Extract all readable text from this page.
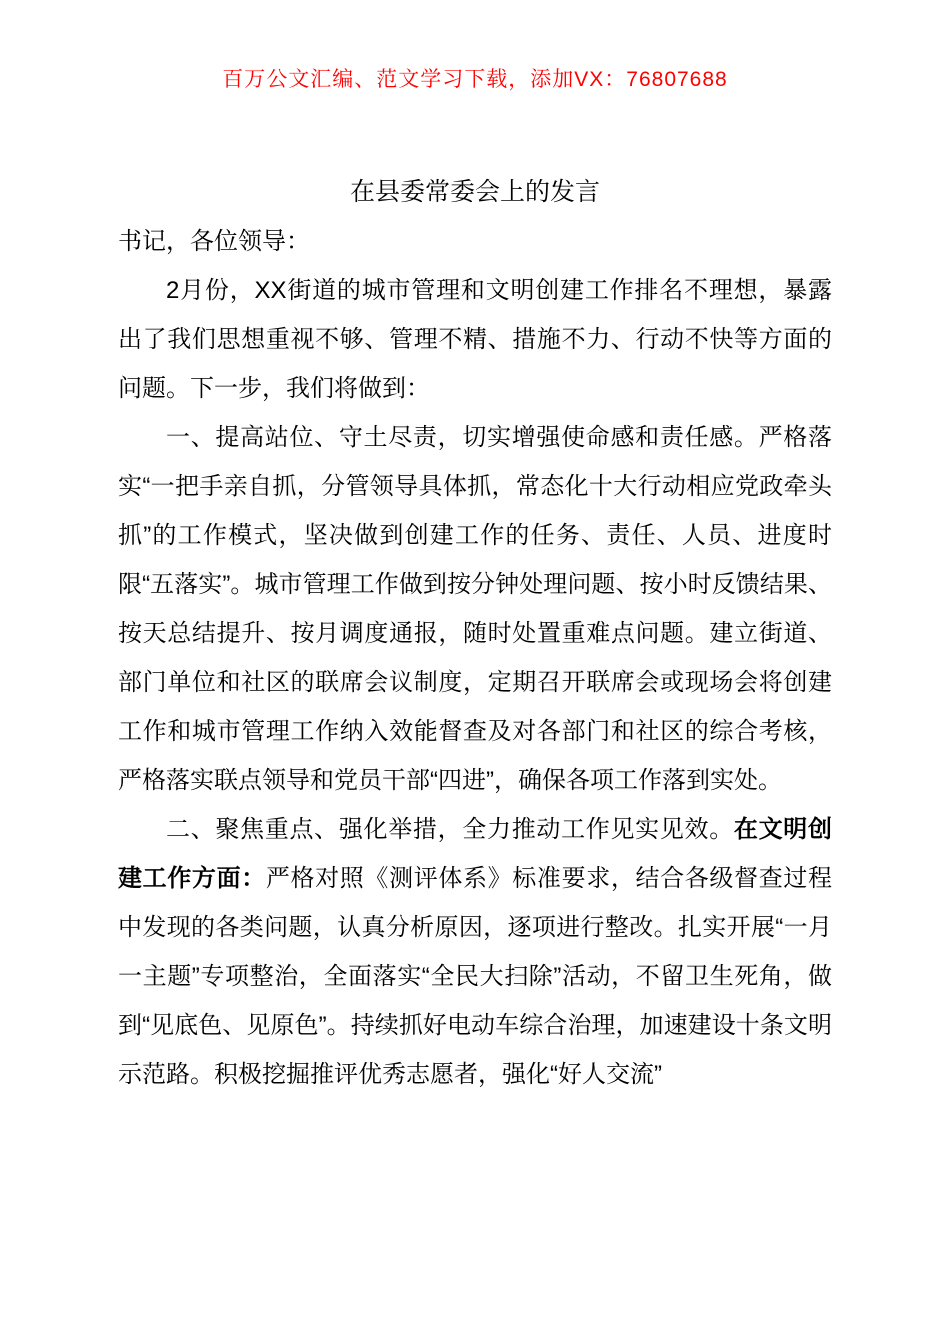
百万公文汇编、范文学习下载，添加VX：76807688
在县委常委会上的发言

书记，各位领导：

2月份，XX街道的城市管理和文明创建工作排名不理想，暴露出了我们思想重视不够、管理不精、措施不力、行动不快等方面的问题。下一步，我们将做到：

一、提高站位、守土尽责，切实增强使命感和责任感。严格落实“一把手亲自抓，分管领导具体抓，常态化十大行动相应党政牵头抓”的工作模式，坚决做到创建工作的任务、责任、人员、进度时限“五落实”。城市管理工作做到按分钟处理问题、按小时反馈结果、按天总结提升、按月调度通报，随时处置重难点问题。建立街道、部门单位和社区的联席会议制度，定期召开联席会或现场会将创建工作和城市管理工作纳入效能督查及对各部门和社区的综合考核，严格落实联点领导和党员干部“四进”，确保各项工作落到实处。

二、聚焦重点、强化举措，全力推动工作见实见效。在文明创建工作方面：严格对照《测评体系》标准要求，结合各级督查过程中发现的各类问题，认真分析原因，逐项进行整改。扎实开展“一月一主题”专项整治，全面落实“全民大扫除”活动，不留卫生死角，做到“见底色、见原色”。持续抓好电动车综合治理，加速建设十条文明示范路。积极挖掘推评优秀志愿者，强化“好人交流”
